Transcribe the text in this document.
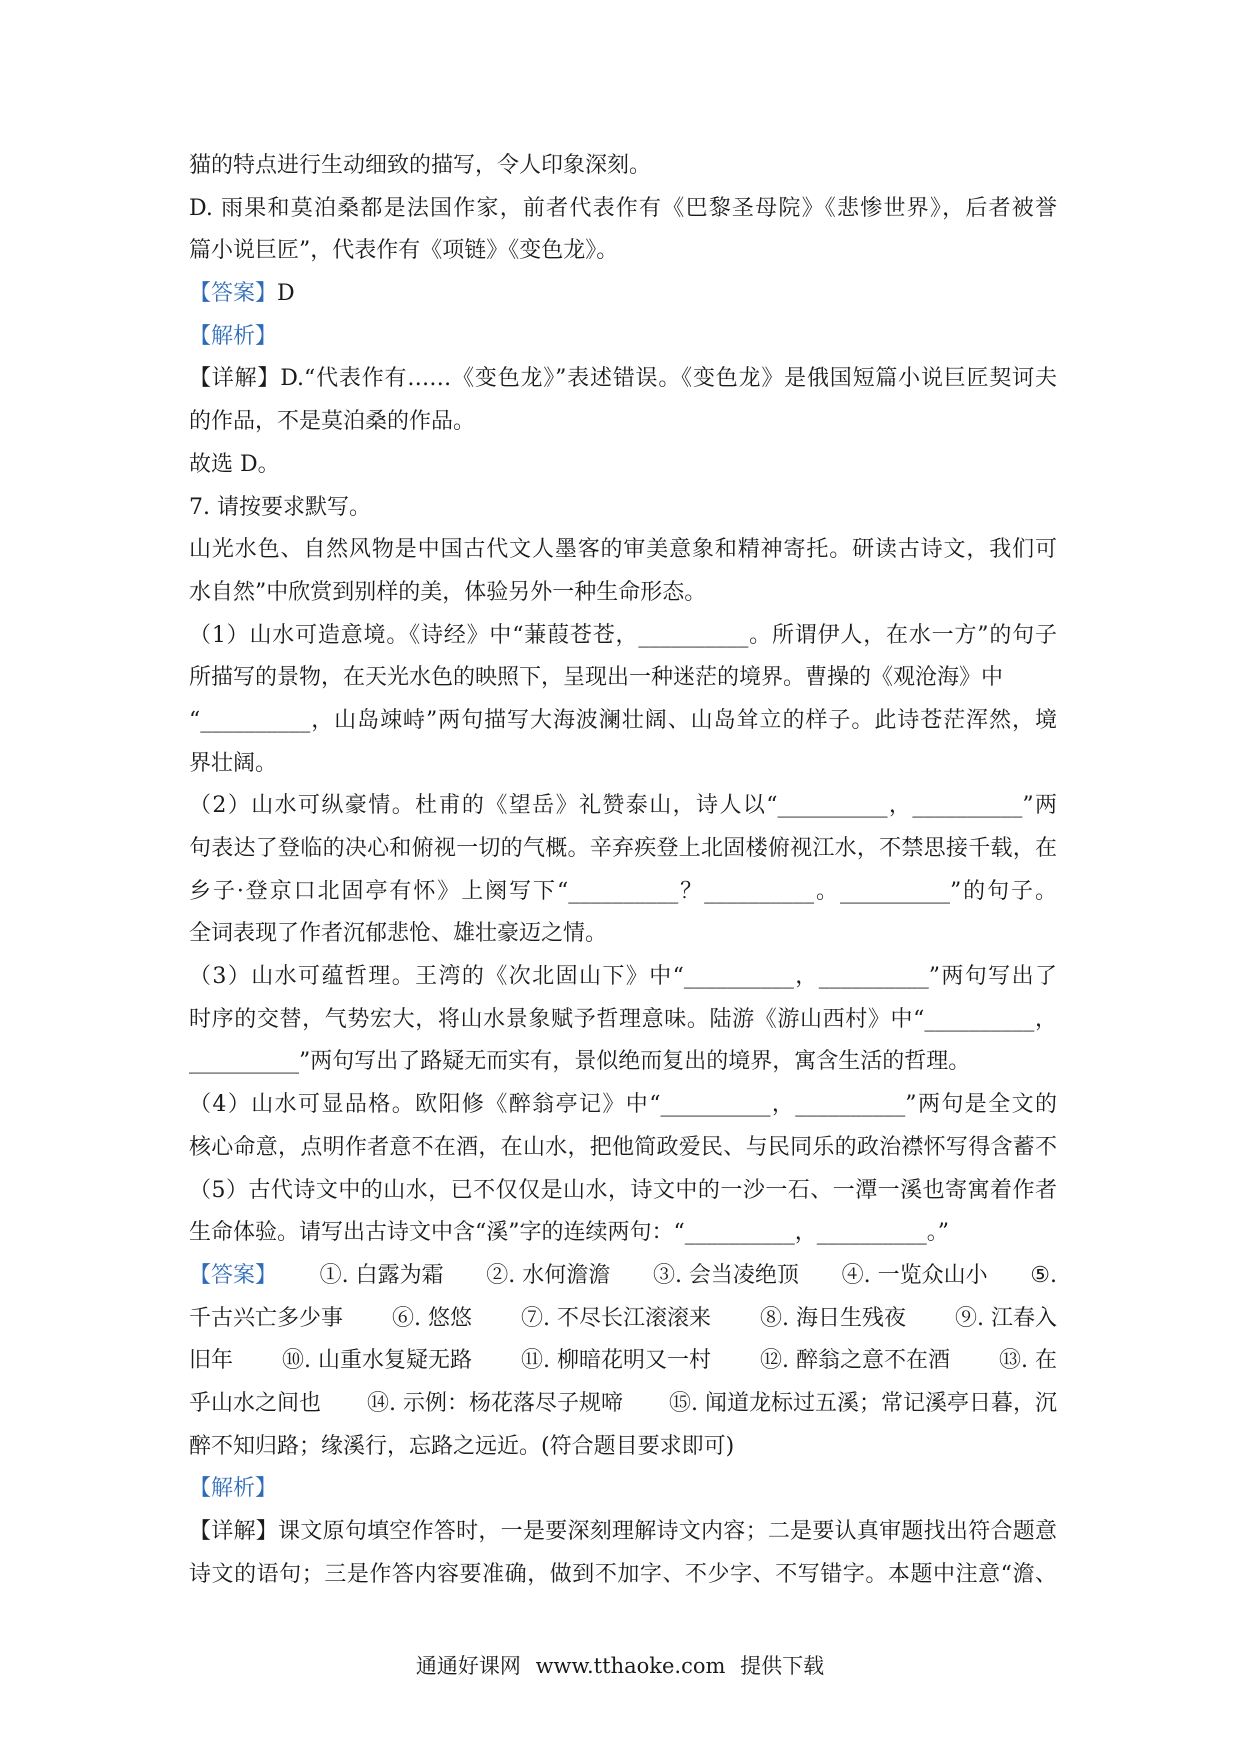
猫的特点进行生动细致的描写，令人印象深刻。
D. 雨果和莫泊桑都是法国作家，前者代表作有《巴黎圣母院》《悲惨世界》，后者被誉
篇小说巨匠”，代表作有《项链》《变色龙》。
【答案】D
【解析】
【详解】D.“代表作有……《变色龙》”表述错误。《变色龙》是俄国短篇小说巨匠契诃夫
的作品，不是莫泊桑的作品。
故选 D。
7. 请按要求默写。
山光水色、自然风物是中国古代文人墨客的审美意象和精神寄托。研读古诗文，我们可
水自然”中欣赏到别样的美，体验另外一种生命形态。
（1）山水可造意境。《诗经》中“蒹葭苍苍，__________。所谓伊人，在水一方”的句子
所描写的景物，在天光水色的映照下，呈现出一种迷茫的境界。曹操的《观沧海》中
“__________，山岛竦峙”两句描写大海波澜壮阔、山岛耸立的样子。此诗苍茫浑然，境
界壮阔。
（2）山水可纵豪情。杜甫的《望岳》礼赞泰山，诗人以“__________，__________”两
句表达了登临的决心和俯视一切的气概。辛弃疾登上北固楼俯视江水，不禁思接千载，在
乡子·登京口北固亭有怀》上阕写下“__________？__________。__________”的句子。
全词表现了作者沉郁悲怆、雄壮豪迈之情。
（3）山水可蕴哲理。王湾的《次北固山下》中“__________，__________”两句写出了
时序的交替，气势宏大，将山水景象赋予哲理意味。陆游《游山西村》中“__________，
__________”两句写出了路疑无而实有，景似绝而复出的境界，寓含生活的哲理。
（4）山水可显品格。欧阳修《醉翁亭记》中“__________，__________”两句是全文的
核心命意，点明作者意不在酒，在山水，把他简政爱民、与民同乐的政治襟怀写得含蓄不
（5）古代诗文中的山水，已不仅仅是山水，诗文中的一沙一石、一潭一溪也寄寓着作者
生命体验。请写出古诗文中含“溪”字的连续两句：“__________，__________。”
【答案】 ①. 白露为霜 ②. 水何澹澹 ③. 会当凌绝顶 ④. 一览众山小 ⑤.
千古兴亡多少事 ⑥. 悠悠 ⑦. 不尽长江滚滚来 ⑧. 海日生残夜 ⑨. 江春入
旧年 ⑩. 山重水复疑无路 ⑪. 柳暗花明又一村 ⑫. 醉翁之意不在酒 ⑬. 在
乎山水之间也 ⑭. 示例：杨花落尽子规啼 ⑮. 闻道龙标过五溪；常记溪亭日暮，沉
醉不知归路；缘溪行，忘路之远近。(符合题目要求即可)
【解析】
【详解】课文原句填空作答时，一是要深刻理解诗文内容；二是要认真审题找出符合题意
诗文的语句；三是作答内容要准确，做到不加字、不少字、不写错字。本题中注意“澹、
通通好课网 www.tthaoke.com 提供下载
